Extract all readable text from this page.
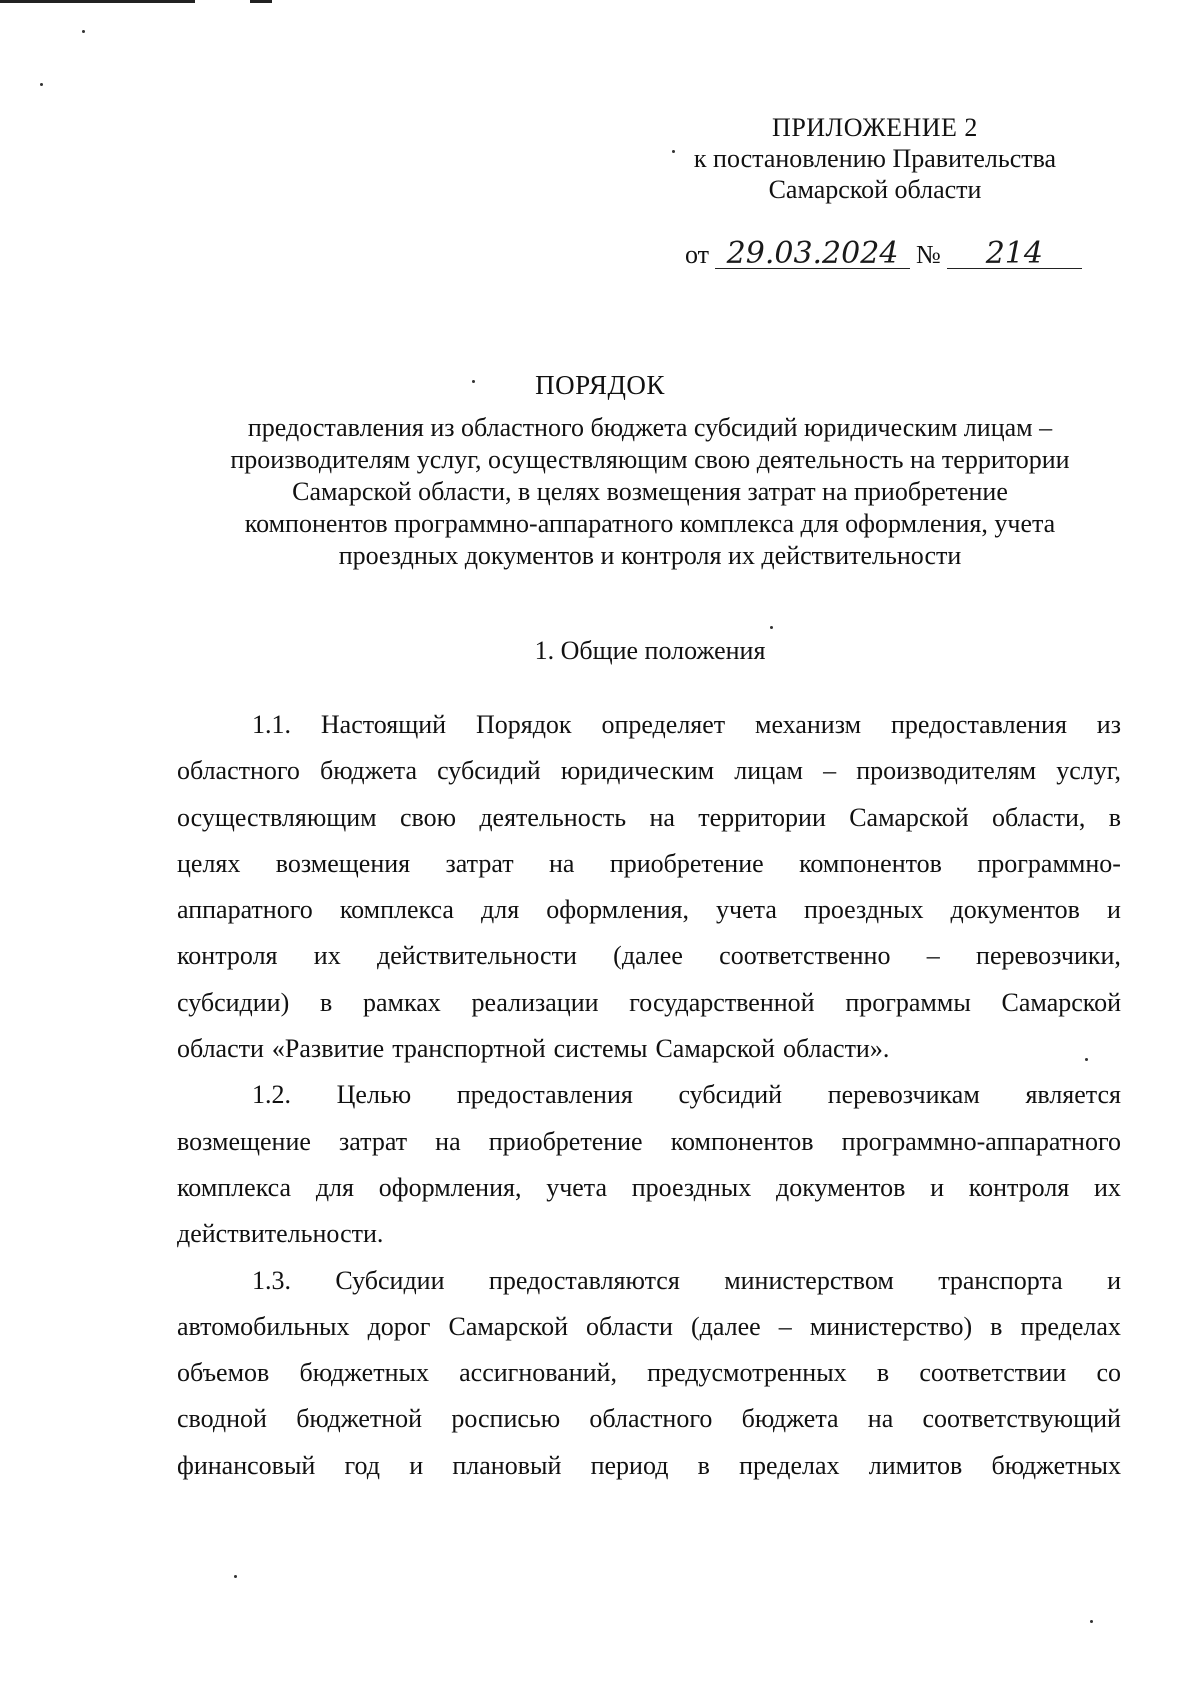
ПРИЛОЖЕНИЕ 2
к постановлению Правительства
Самарской области
от 29.03.2024 № 214
ПОРЯДОК
предоставления из областного бюджета субсидий юридическим лицам –
производителям услуг, осуществляющим свою деятельность на территории
Самарской области, в целях возмещения затрат на приобретение
компонентов программно-аппаратного комплекса для оформления, учета
проездных документов и контроля их действительности
1. Общие положения
1.1. Настоящий Порядок определяет механизм предоставления из
областного бюджета субсидий юридическим лицам – производителям услуг,
осуществляющим свою деятельность на территории Самарской области, в
целях возмещения затрат на приобретение компонентов программно-
аппаратного комплекса для оформления, учета проездных документов и
контроля их действительности (далее соответственно – перевозчики,
субсидии) в рамках реализации государственной программы Самарской
области «Развитие транспортной системы Самарской области».
1.2. Целью предоставления субсидий перевозчикам является
возмещение затрат на приобретение компонентов программно-аппаратного
комплекса для оформления, учета проездных документов и контроля их
действительности.
1.3. Субсидии предоставляются министерством транспорта и
автомобильных дорог Самарской области (далее – министерство) в пределах
объемов бюджетных ассигнований, предусмотренных в соответствии со
сводной бюджетной росписью областного бюджета на соответствующий
финансовый год и плановый период в пределах лимитов бюджетных
